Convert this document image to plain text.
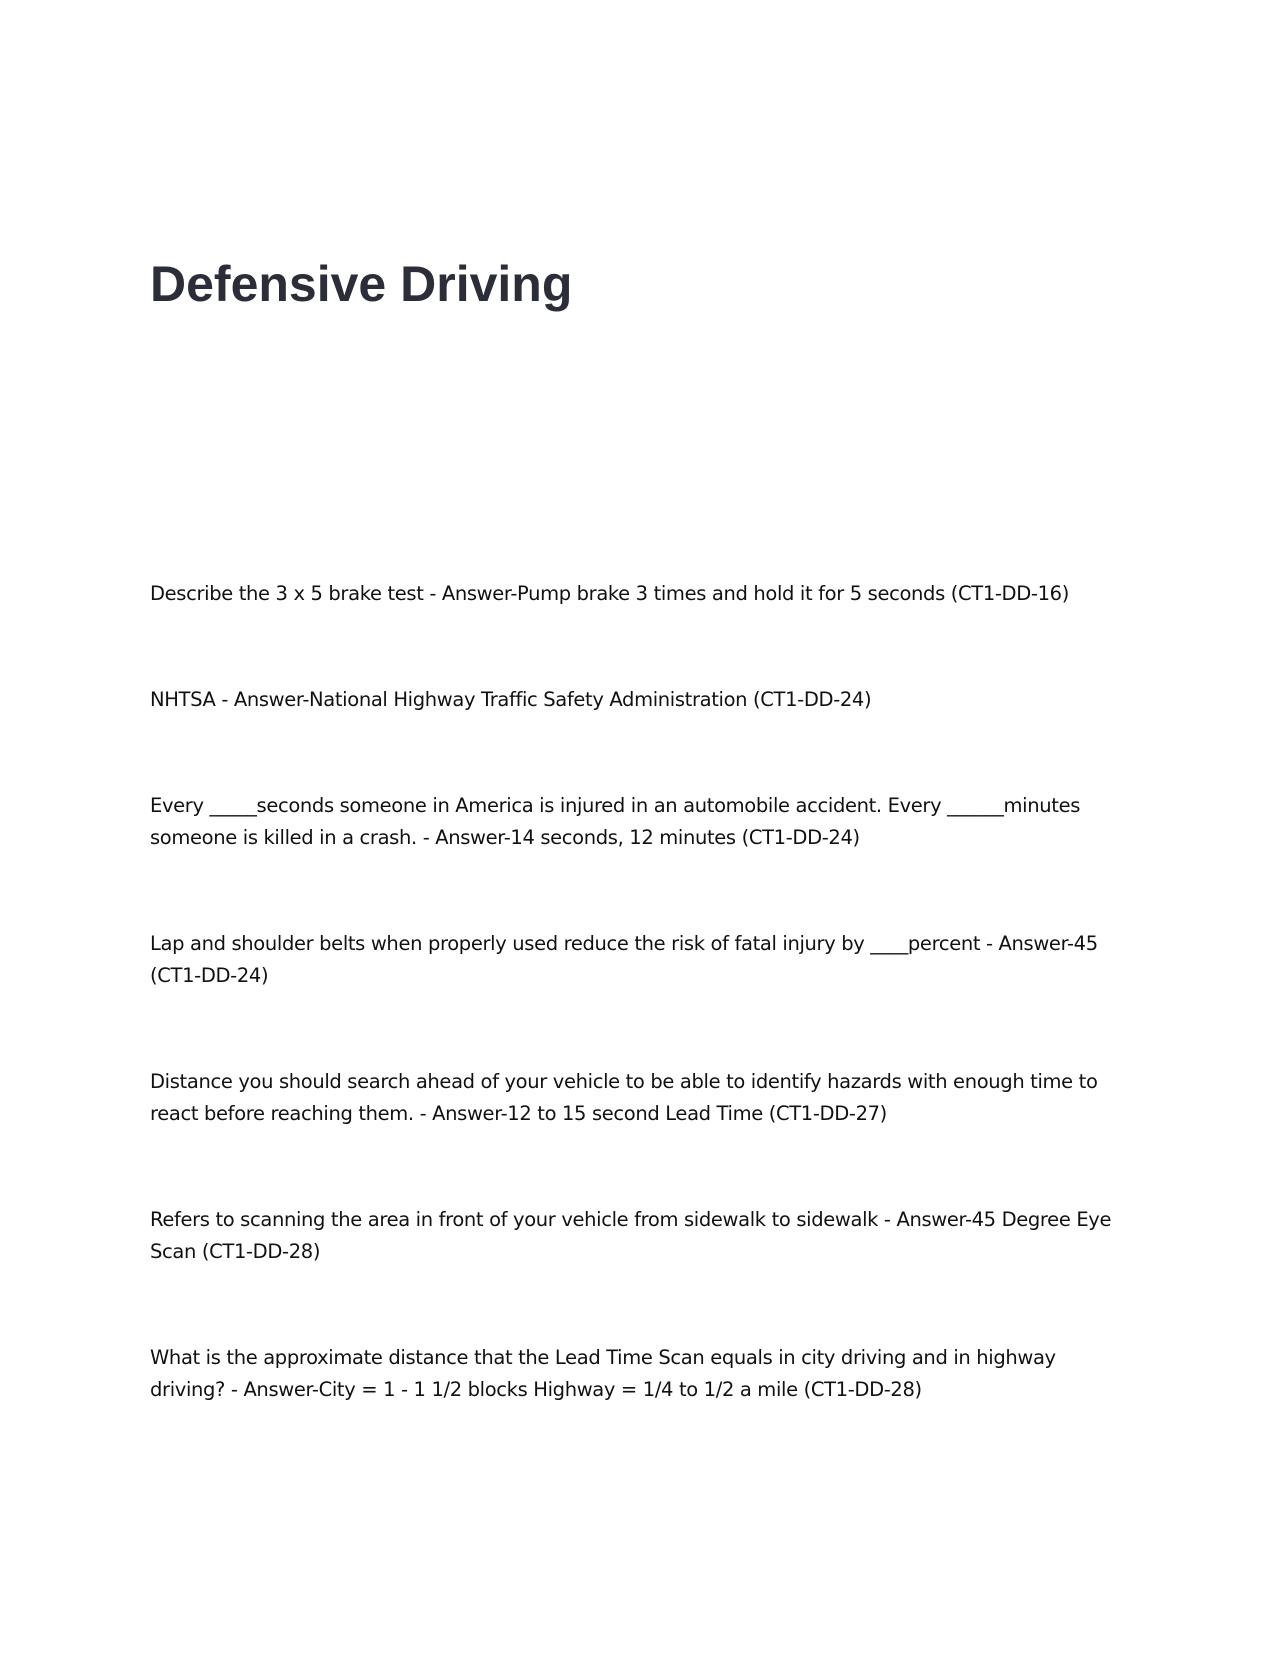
Defensive Driving

Describe the 3 x 5 brake test - Answer-Pump brake 3 times and hold it for 5 seconds (CT1-DD-16)

NHTSA - Answer-National Highway Traffic Safety Administration (CT1-DD-24)

Every _____seconds someone in America is injured in an automobile accident. Every ______minutes someone is killed in a crash. - Answer-14 seconds, 12 minutes (CT1-DD-24)

Lap and shoulder belts when properly used reduce the risk of fatal injury by ____percent - Answer-45 (CT1-DD-24)

Distance you should search ahead of your vehicle to be able to identify hazards with enough time to react before reaching them. - Answer-12 to 15 second Lead Time (CT1-DD-27)

Refers to scanning the area in front of your vehicle from sidewalk to sidewalk - Answer-45 Degree Eye Scan (CT1-DD-28)

What is the approximate distance that the Lead Time Scan equals in city driving and in highway driving? - Answer-City = 1 - 1 1/2 blocks Highway = 1/4 to 1/2 a mile (CT1-DD-28)
